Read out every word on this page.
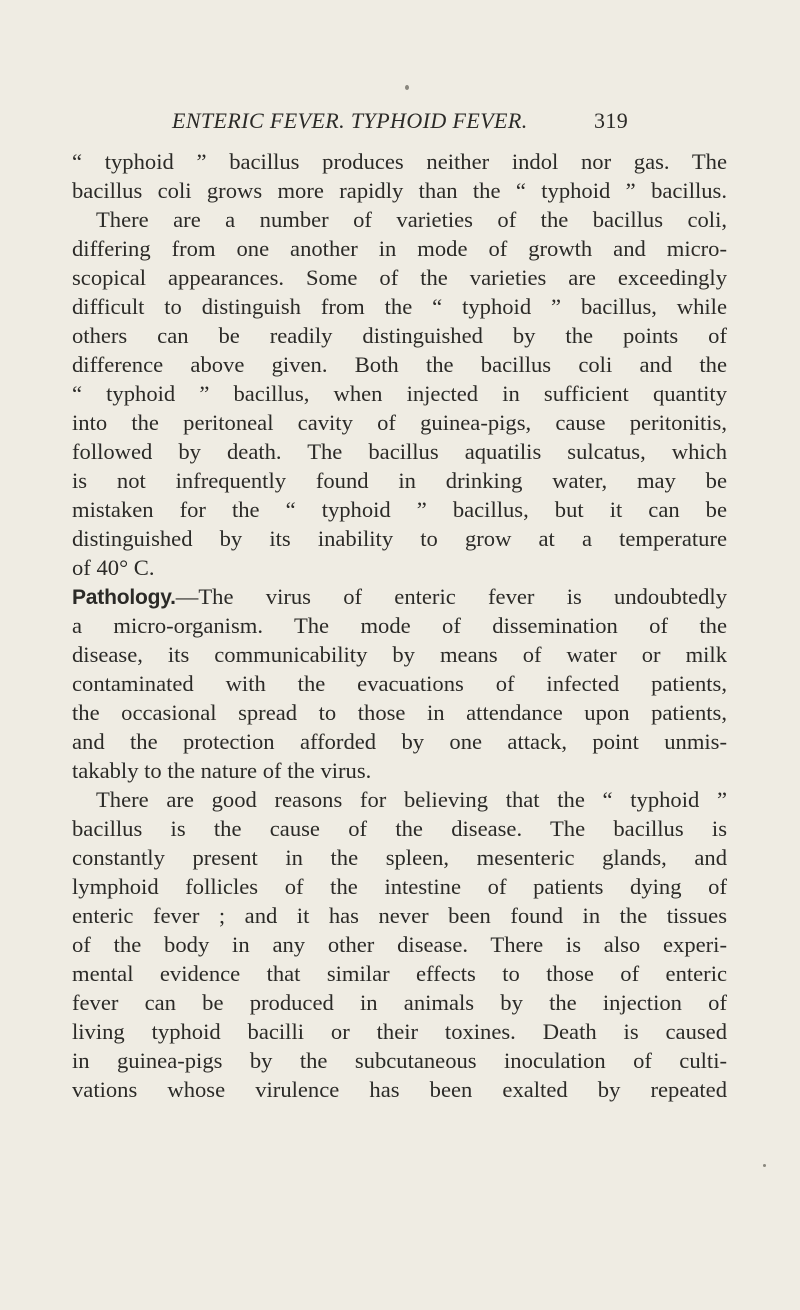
ENTERIC FEVER. TYPHOID FEVER.	319
“ typhoid ” bacillus produces neither indol nor gas. The
bacillus coli grows more rapidly than the “ typhoid ” bacillus.
There are a number of varieties of the bacillus coli,
differing from one another in mode of growth and micro-
scopical appearances. Some of the varieties are exceedingly
difficult to distinguish from the “ typhoid ” bacillus, while
others can be readily distinguished by the points of
difference above given. Both the bacillus coli and the
“ typhoid ” bacillus, when injected in sufficient quantity
into the peritoneal cavity of guinea-pigs, cause peritonitis,
followed by death. The bacillus aquatilis sulcatus, which
is not infrequently found in drinking water, may be
mistaken for the “ typhoid ” bacillus, but it can be
distinguished by its inability to grow at a temperature
of 40° C.
Pathology.—The virus of enteric fever is undoubtedly
a micro-organism. The mode of dissemination of the
disease, its communicability by means of water or milk
contaminated with the evacuations of infected patients,
the occasional spread to those in attendance upon patients,
and the protection afforded by one attack, point unmis-
takably to the nature of the virus.
There are good reasons for believing that the “ typhoid ”
bacillus is the cause of the disease. The bacillus is
constantly present in the spleen, mesenteric glands, and
lymphoid follicles of the intestine of patients dying of
enteric fever ; and it has never been found in the tissues
of the body in any other disease. There is also experi-
mental evidence that similar effects to those of enteric
fever can be produced in animals by the injection of
living typhoid bacilli or their toxines. Death is caused
in guinea-pigs by the subcutaneous inoculation of culti-
vations whose virulence has been exalted by repeated
